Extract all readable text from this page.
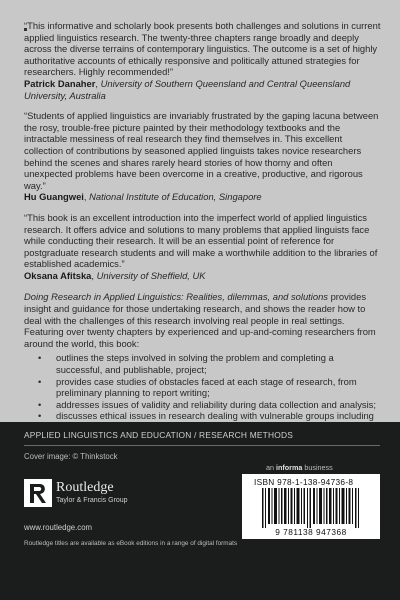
“This informative and scholarly book presents both challenges and solutions in current applied linguistics research. The twenty-three chapters range broadly and deeply across the diverse terrains of contemporary linguistics. The outcome is a set of highly authoritative accounts of ethically responsive and politically attuned strategies for researchers. Highly recommended!”
Patrick Danaher, University of Southern Queensland and Central Queensland University, Australia
“Students of applied linguistics are invariably frustrated by the gaping lacuna between the rosy, trouble-free picture painted by their methodology textbooks and the intractable messiness of real research they find themselves in. This excellent collection of contributions by seasoned applied linguists takes novice researchers behind the scenes and shares rarely heard stories of how thorny and often unexpected problems have been overcome in a creative, productive, and rigorous way.”
Hu Guangwei, National Institute of Education, Singapore
“This book is an excellent introduction into the imperfect world of applied linguistics research. It offers advice and solutions to many problems that applied linguists face while conducting their research. It will be an essential point of reference for postgraduate research students and will make a worthwhile addition to the libraries of established academics.”
Oksana Afitska, University of Sheffield, UK
Doing Research in Applied Linguistics: Realities, dilemmas, and solutions provides insight and guidance for those undertaking research, and shows the reader how to deal with the challenges of this research involving real people in real settings. Featuring over twenty chapters by experienced and up-and-coming researchers from around the world, this book:
• outlines the steps involved in solving the problem and completing a successful, and publishable, project;
• provides case studies of obstacles faced at each stage of research, from preliminary planning to report writing;
• addresses issues of validity and reliability during data collection and analysis;
• discusses ethical issues in research dealing with vulnerable groups including
APPLIED LINGUISTICS AND EDUCATION / RESEARCH METHODS
Cover image: © Thinkstock
an informa business
Routledge
Taylor & Francis Group
www.routledge.com
Routledge titles are available as eBook editions in a range of digital formats
ISBN 978-1-138-94736-8
9 781138 947368
